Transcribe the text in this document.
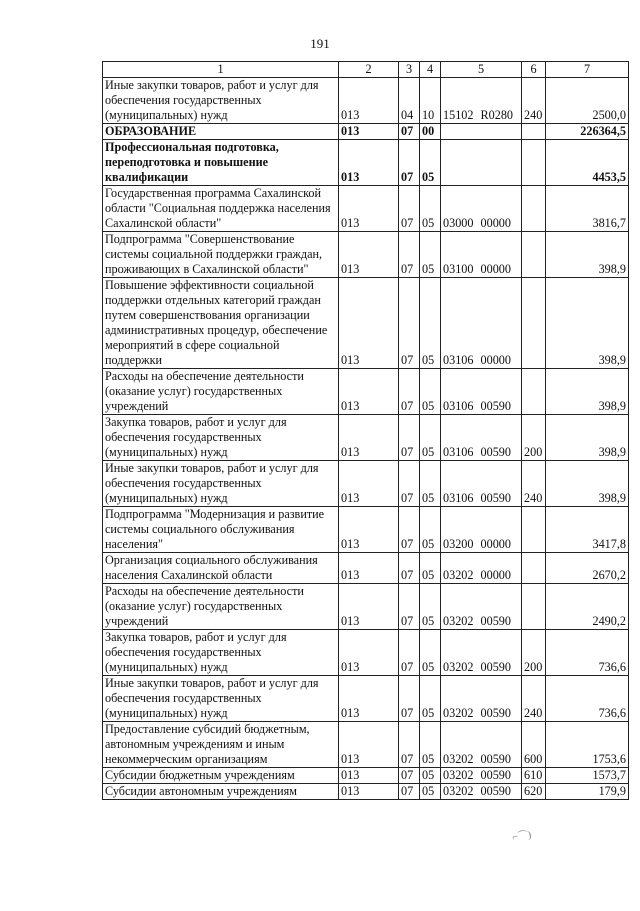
191
1	2	3	4	5	6	7
Иные закупки товаров, работ и услуг для обеспечения государственных (муниципальных) нужд	013	04	10	15102 R0280	240	2500,0
ОБРАЗОВАНИЕ	013	07	00			226364,5
Профессиональная подготовка, переподготовка и повышение квалификации	013	07	05			4453,5
Государственная программа Сахалинской области "Социальная поддержка населения Сахалинской области"	013	07	05	03000 00000		3816,7
Подпрограмма "Совершенствование системы социальной поддержки граждан, проживающих в Сахалинской области"	013	07	05	03100 00000		398,9
Повышение эффективности социальной поддержки отдельных категорий граждан путем совершенствования организации административных процедур, обеспечение мероприятий в сфере социальной поддержки	013	07	05	03106 00000		398,9
Расходы на обеспечение деятельности (оказание услуг) государственных учреждений	013	07	05	03106 00590		398,9
Закупка товаров, работ и услуг для обеспечения государственных (муниципальных) нужд	013	07	05	03106 00590	200	398,9
Иные закупки товаров, работ и услуг для обеспечения государственных (муниципальных) нужд	013	07	05	03106 00590	240	398,9
Подпрограмма "Модернизация и развитие системы социального обслуживания населения"	013	07	05	03200 00000		3417,8
Организация социального обслуживания населения Сахалинской области	013	07	05	03202 00000		2670,2
Расходы на обеспечение деятельности (оказание услуг) государственных учреждений	013	07	05	03202 00590		2490,2
Закупка товаров, работ и услуг для обеспечения государственных (муниципальных) нужд	013	07	05	03202 00590	200	736,6
Иные закупки товаров, работ и услуг для обеспечения государственных (муниципальных) нужд	013	07	05	03202 00590	240	736,6
Предоставление субсидий бюджетным, автономным учреждениям и иным некоммерческим организациям	013	07	05	03202 00590	600	1753,6
Субсидии бюджетным учреждениям	013	07	05	03202 00590	610	1573,7
Субсидии автономным учреждениям	013	07	05	03202 00590	620	179,9
⌐⌒)
